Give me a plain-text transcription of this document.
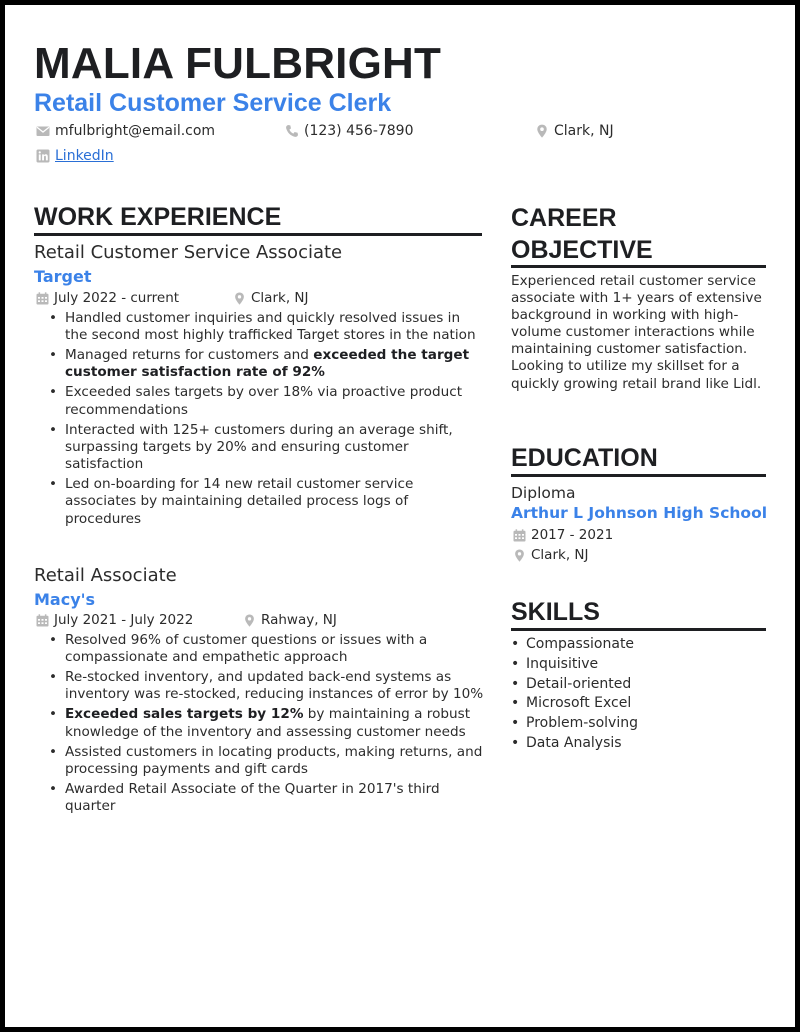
MALIA FULBRIGHT
Retail Customer Service Clerk
mfulbright@email.com	(123) 456-7890	Clark, NJ
LinkedIn
WORK EXPERIENCE
Retail Customer Service Associate
Target
July 2022 - current	Clark, NJ
• Handled customer inquiries and quickly resolved issues in the second most highly trafficked Target stores in the nation
• Managed returns for customers and exceeded the target customer satisfaction rate of 92%
• Exceeded sales targets by over 18% via proactive product recommendations
• Interacted with 125+ customers during an average shift, surpassing targets by 20% and ensuring customer satisfaction
• Led on-boarding for 14 new retail customer service associates by maintaining detailed process logs of procedures
Retail Associate
Macy's
July 2021 - July 2022	Rahway, NJ
• Resolved 96% of customer questions or issues with a compassionate and empathetic approach
• Re-stocked inventory, and updated back-end systems as inventory was re-stocked, reducing instances of error by 10%
• Exceeded sales targets by 12% by maintaining a robust knowledge of the inventory and assessing customer needs
• Assisted customers in locating products, making returns, and processing payments and gift cards
• Awarded Retail Associate of the Quarter in 2017's third quarter
CAREER
OBJECTIVE
Experienced retail customer service associate with 1+ years of extensive background in working with high-volume customer interactions while maintaining customer satisfaction. Looking to utilize my skillset for a quickly growing retail brand like Lidl.
EDUCATION
Diploma
Arthur L Johnson High School
2017 - 2021
Clark, NJ
SKILLS
• Compassionate
• Inquisitive
• Detail-oriented
• Microsoft Excel
• Problem-solving
• Data Analysis
